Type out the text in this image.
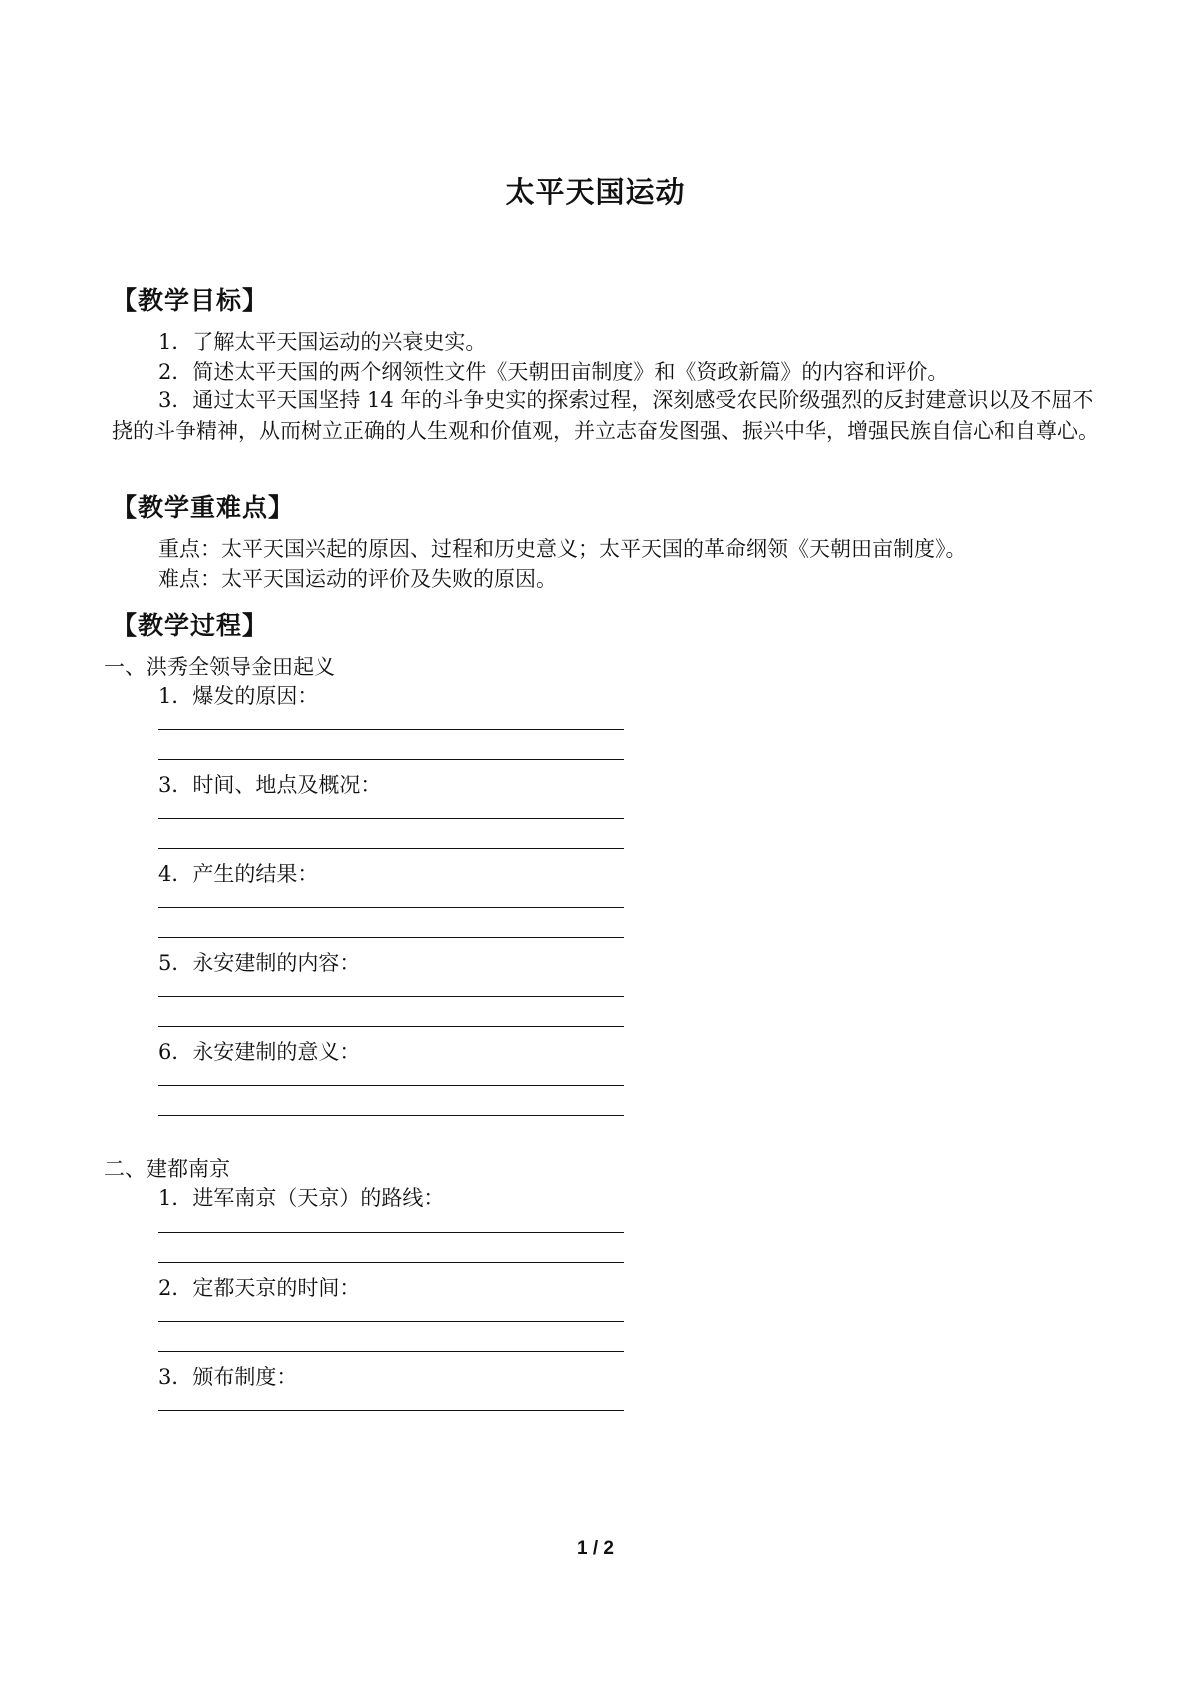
太平天国运动
【教学目标】
1．了解太平天国运动的兴衰史实。
2．简述太平天国的两个纲领性文件《天朝田亩制度》和《资政新篇》的内容和评价。
3．通过太平天国坚持 14 年的斗争史实的探索过程，深刻感受农民阶级强烈的反封建意识以及不屈不挠的斗争精神，从而树立正确的人生观和价值观，并立志奋发图强、振兴中华，增强民族自信心和自尊心。
【教学重难点】
重点：太平天国兴起的原因、过程和历史意义；太平天国的革命纲领《天朝田亩制度》。
难点：太平天国运动的评价及失败的原因。
【教学过程】
一、洪秀全领导金田起义
1．爆发的原因：
3．时间、地点及概况：
4．产生的结果：
5．永安建制的内容：
6．永安建制的意义：
二、建都南京
1．进军南京（天京）的路线：
2．定都天京的时间：
3．颁布制度：
1 / 2
